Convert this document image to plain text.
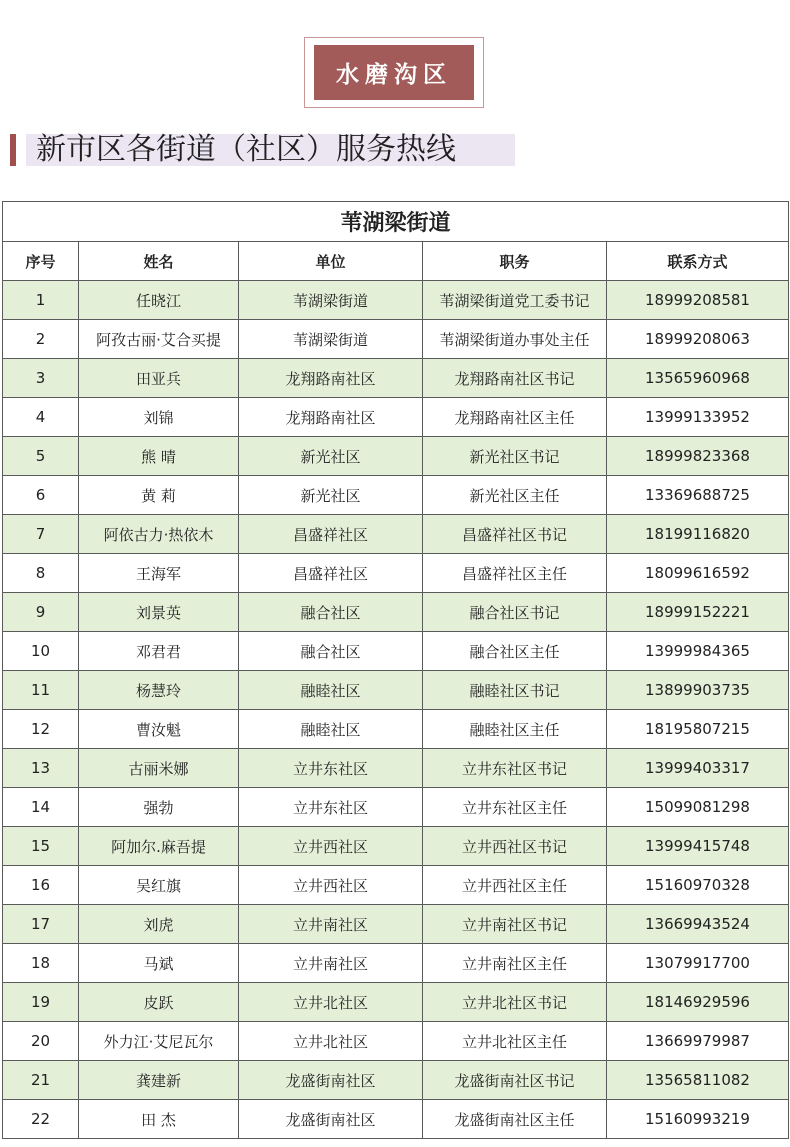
水磨沟区
新市区各街道（社区）服务热线
苇湖梁街道				
序号	姓名	单位	职务	联系方式
1	任晓江	苇湖梁街道	苇湖梁街道党工委书记	18999208581
2	阿孜古丽·艾合买提	苇湖梁街道	苇湖梁街道办事处主任	18999208063
3	田亚兵	龙翔路南社区	龙翔路南社区书记	13565960968
4	刘锦	龙翔路南社区	龙翔路南社区主任	13999133952
5	熊 晴	新光社区	新光社区书记	18999823368
6	黄 莉	新光社区	新光社区主任	13369688725
7	阿依古力·热依木	昌盛祥社区	昌盛祥社区书记	18199116820
8	王海军	昌盛祥社区	昌盛祥社区主任	18099616592
9	刘景英	融合社区	融合社区书记	18999152221
10	邓君君	融合社区	融合社区主任	13999984365
11	杨慧玲	融睦社区	融睦社区书记	13899903735
12	曹汝魁	融睦社区	融睦社区主任	18195807215
13	古丽米娜	立井东社区	立井东社区书记	13999403317
14	强勃	立井东社区	立井东社区主任	15099081298
15	阿加尔.麻吾提	立井西社区	立井西社区书记	13999415748
16	吴红旗	立井西社区	立井西社区主任	15160970328
17	刘虎	立井南社区	立井南社区书记	13669943524
18	马斌	立井南社区	立井南社区主任	13079917700
19	皮跃	立井北社区	立井北社区书记	18146929596
20	外力江·艾尼瓦尔	立井北社区	立井北社区主任	13669979987
21	龚建新	龙盛街南社区	龙盛街南社区书记	13565811082
22	田 杰	龙盛街南社区	龙盛街南社区主任	15160993219
